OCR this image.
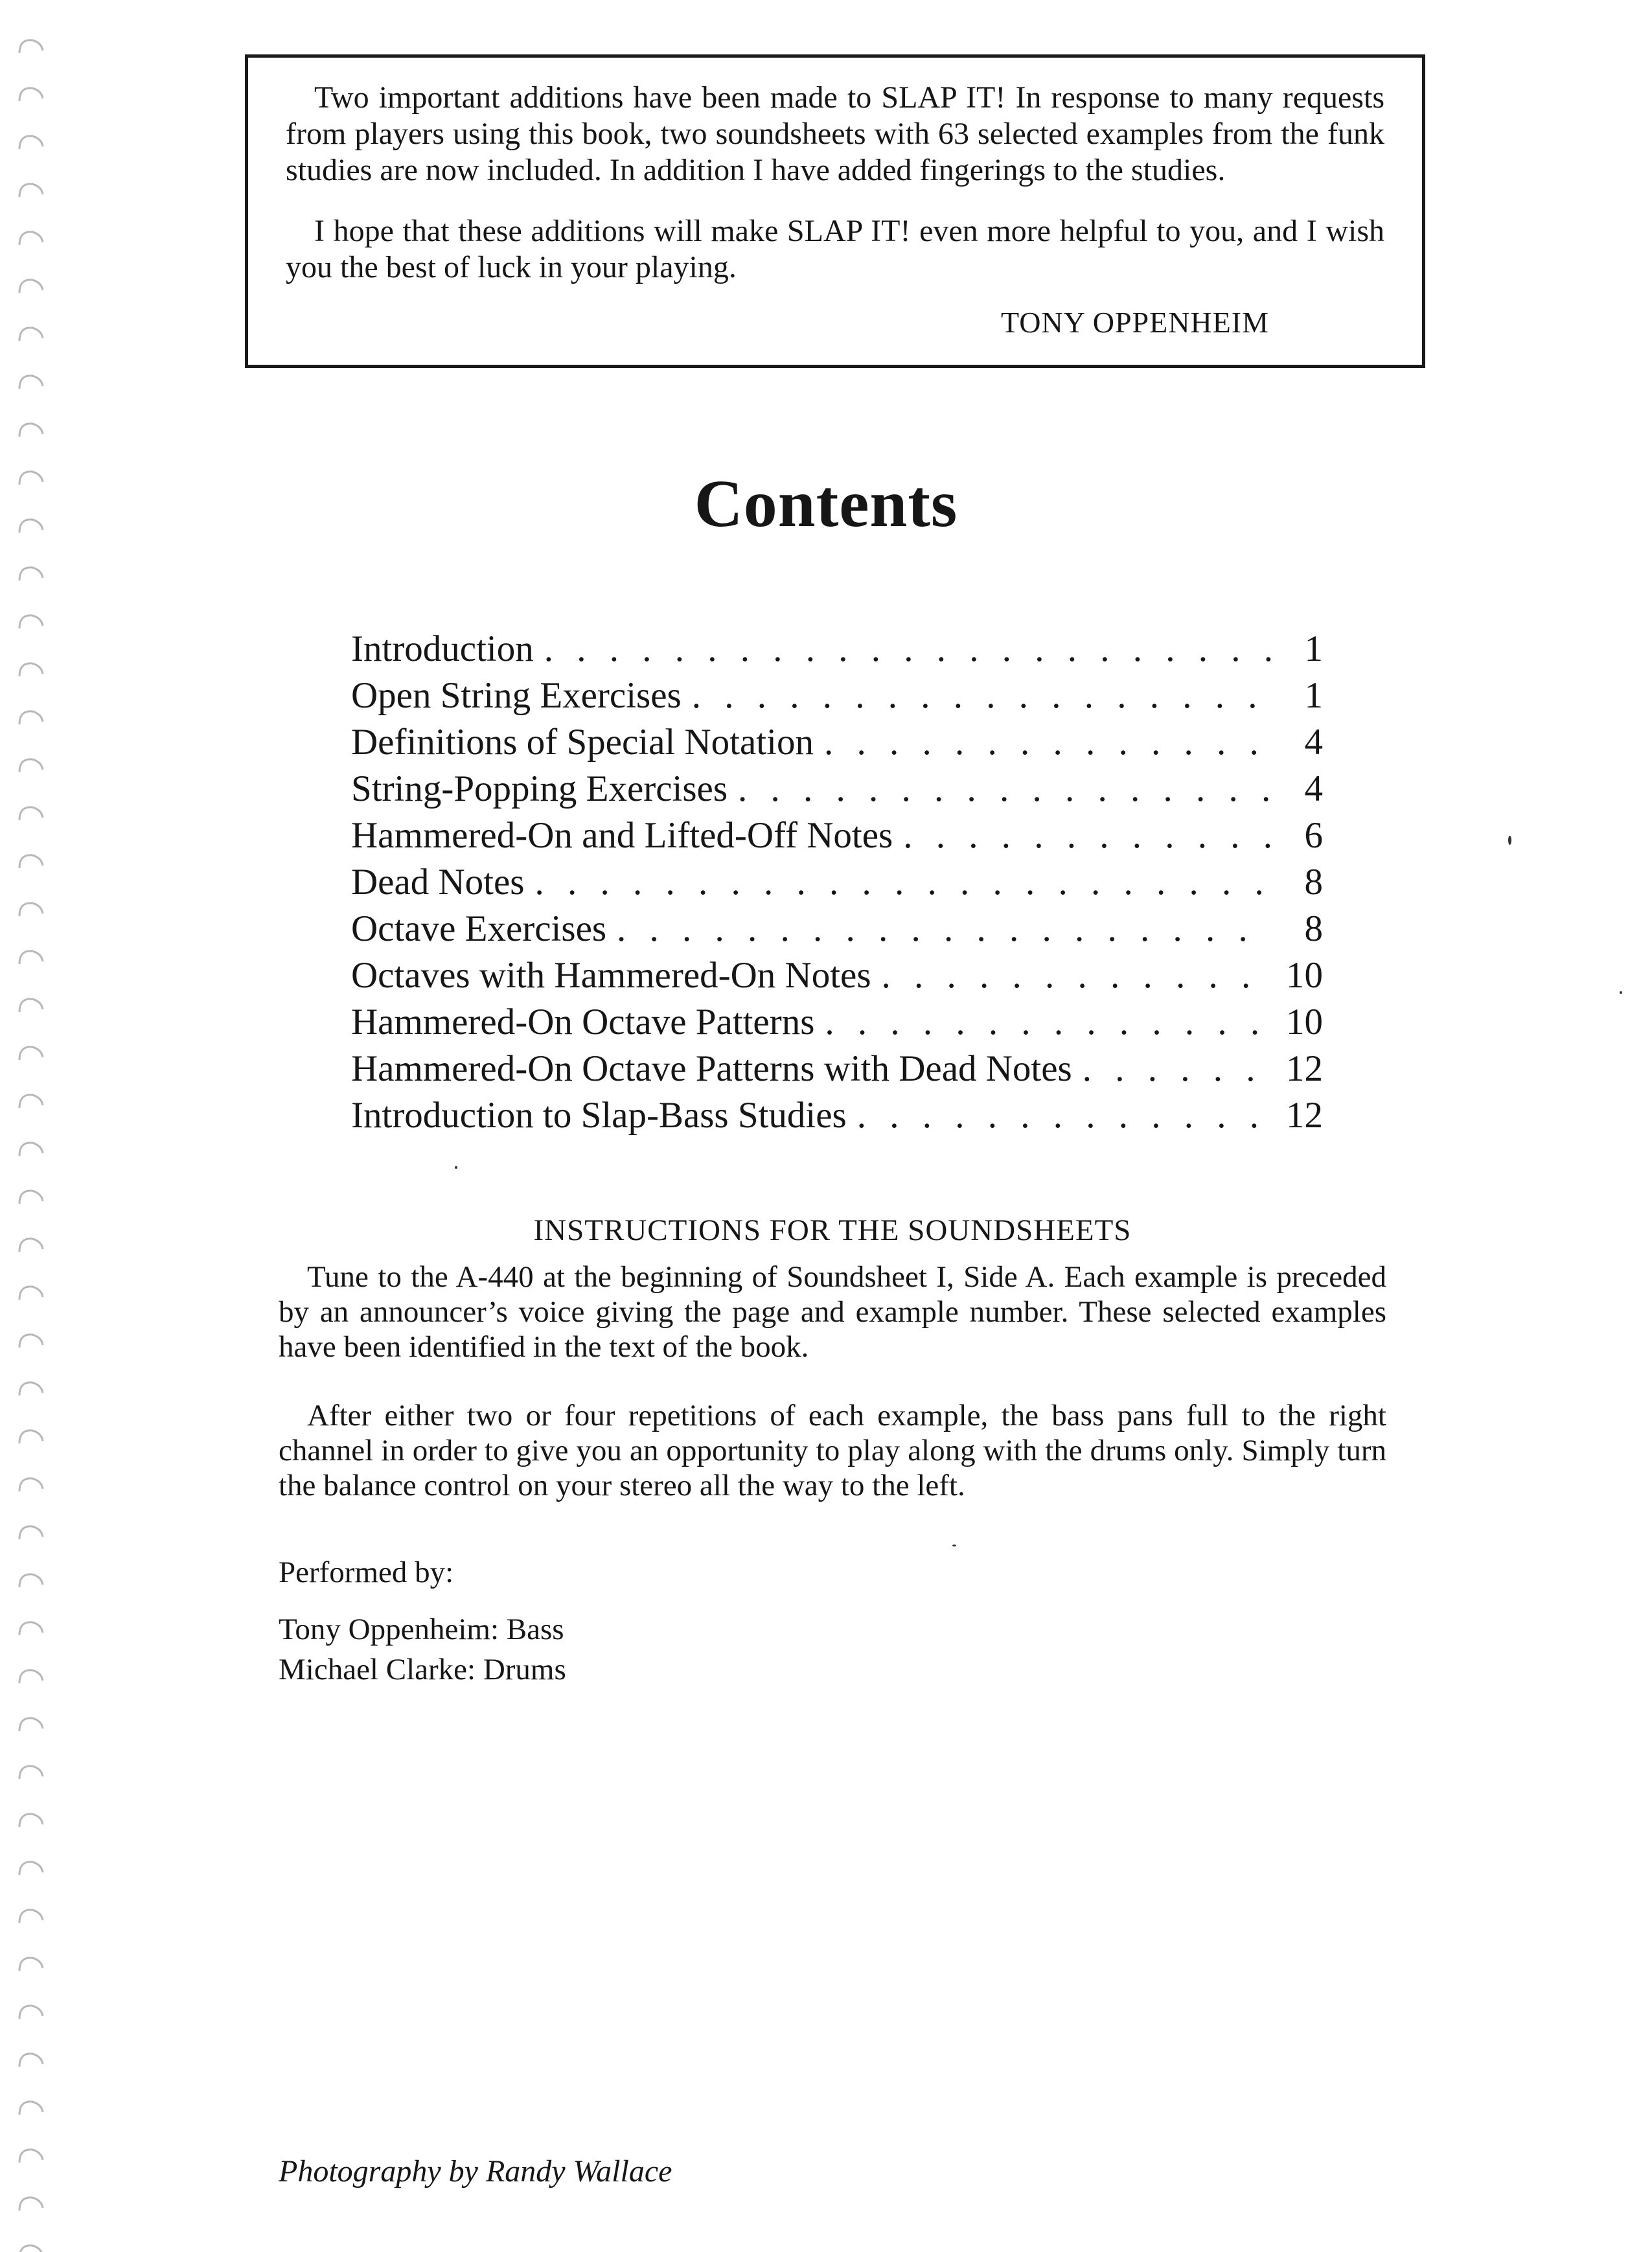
Two important additions have been made to SLAP IT! In response to many requests from players using this book, two soundsheets with 63 selected examples from the funk studies are now included. In addition I have added fingerings to the studies.

I hope that these additions will make SLAP IT! even more helpful to you, and I wish you the best of luck in your playing.

TONY OPPENHEIM
Contents
Introduction . . .	1
Open String Exercises . . .	1
Definitions of Special Notation . . .	4
String-Popping Exercises . . .	4
Hammered-On and Lifted-Off Notes . . .	6
Dead Notes . . .	8
Octave Exercises . . .	8
Octaves with Hammered-On Notes . . .	10
Hammered-On Octave Patterns . . .	10
Hammered-On Octave Patterns with Dead Notes . . .	12
Introduction to Slap-Bass Studies . . .	12
INSTRUCTIONS FOR THE SOUNDSHEETS

Tune to the A-440 at the beginning of Soundsheet I, Side A. Each example is preceded by an announcer’s voice giving the page and example number. These selected examples have been identified in the text of the book.

After either two or four repetitions of each example, the bass pans full to the right channel in order to give you an opportunity to play along with the drums only. Simply turn the balance control on your stereo all the way to the left.

Performed by:
Tony Oppenheim: Bass
Michael Clarke: Drums
Photography by Randy Wallace
